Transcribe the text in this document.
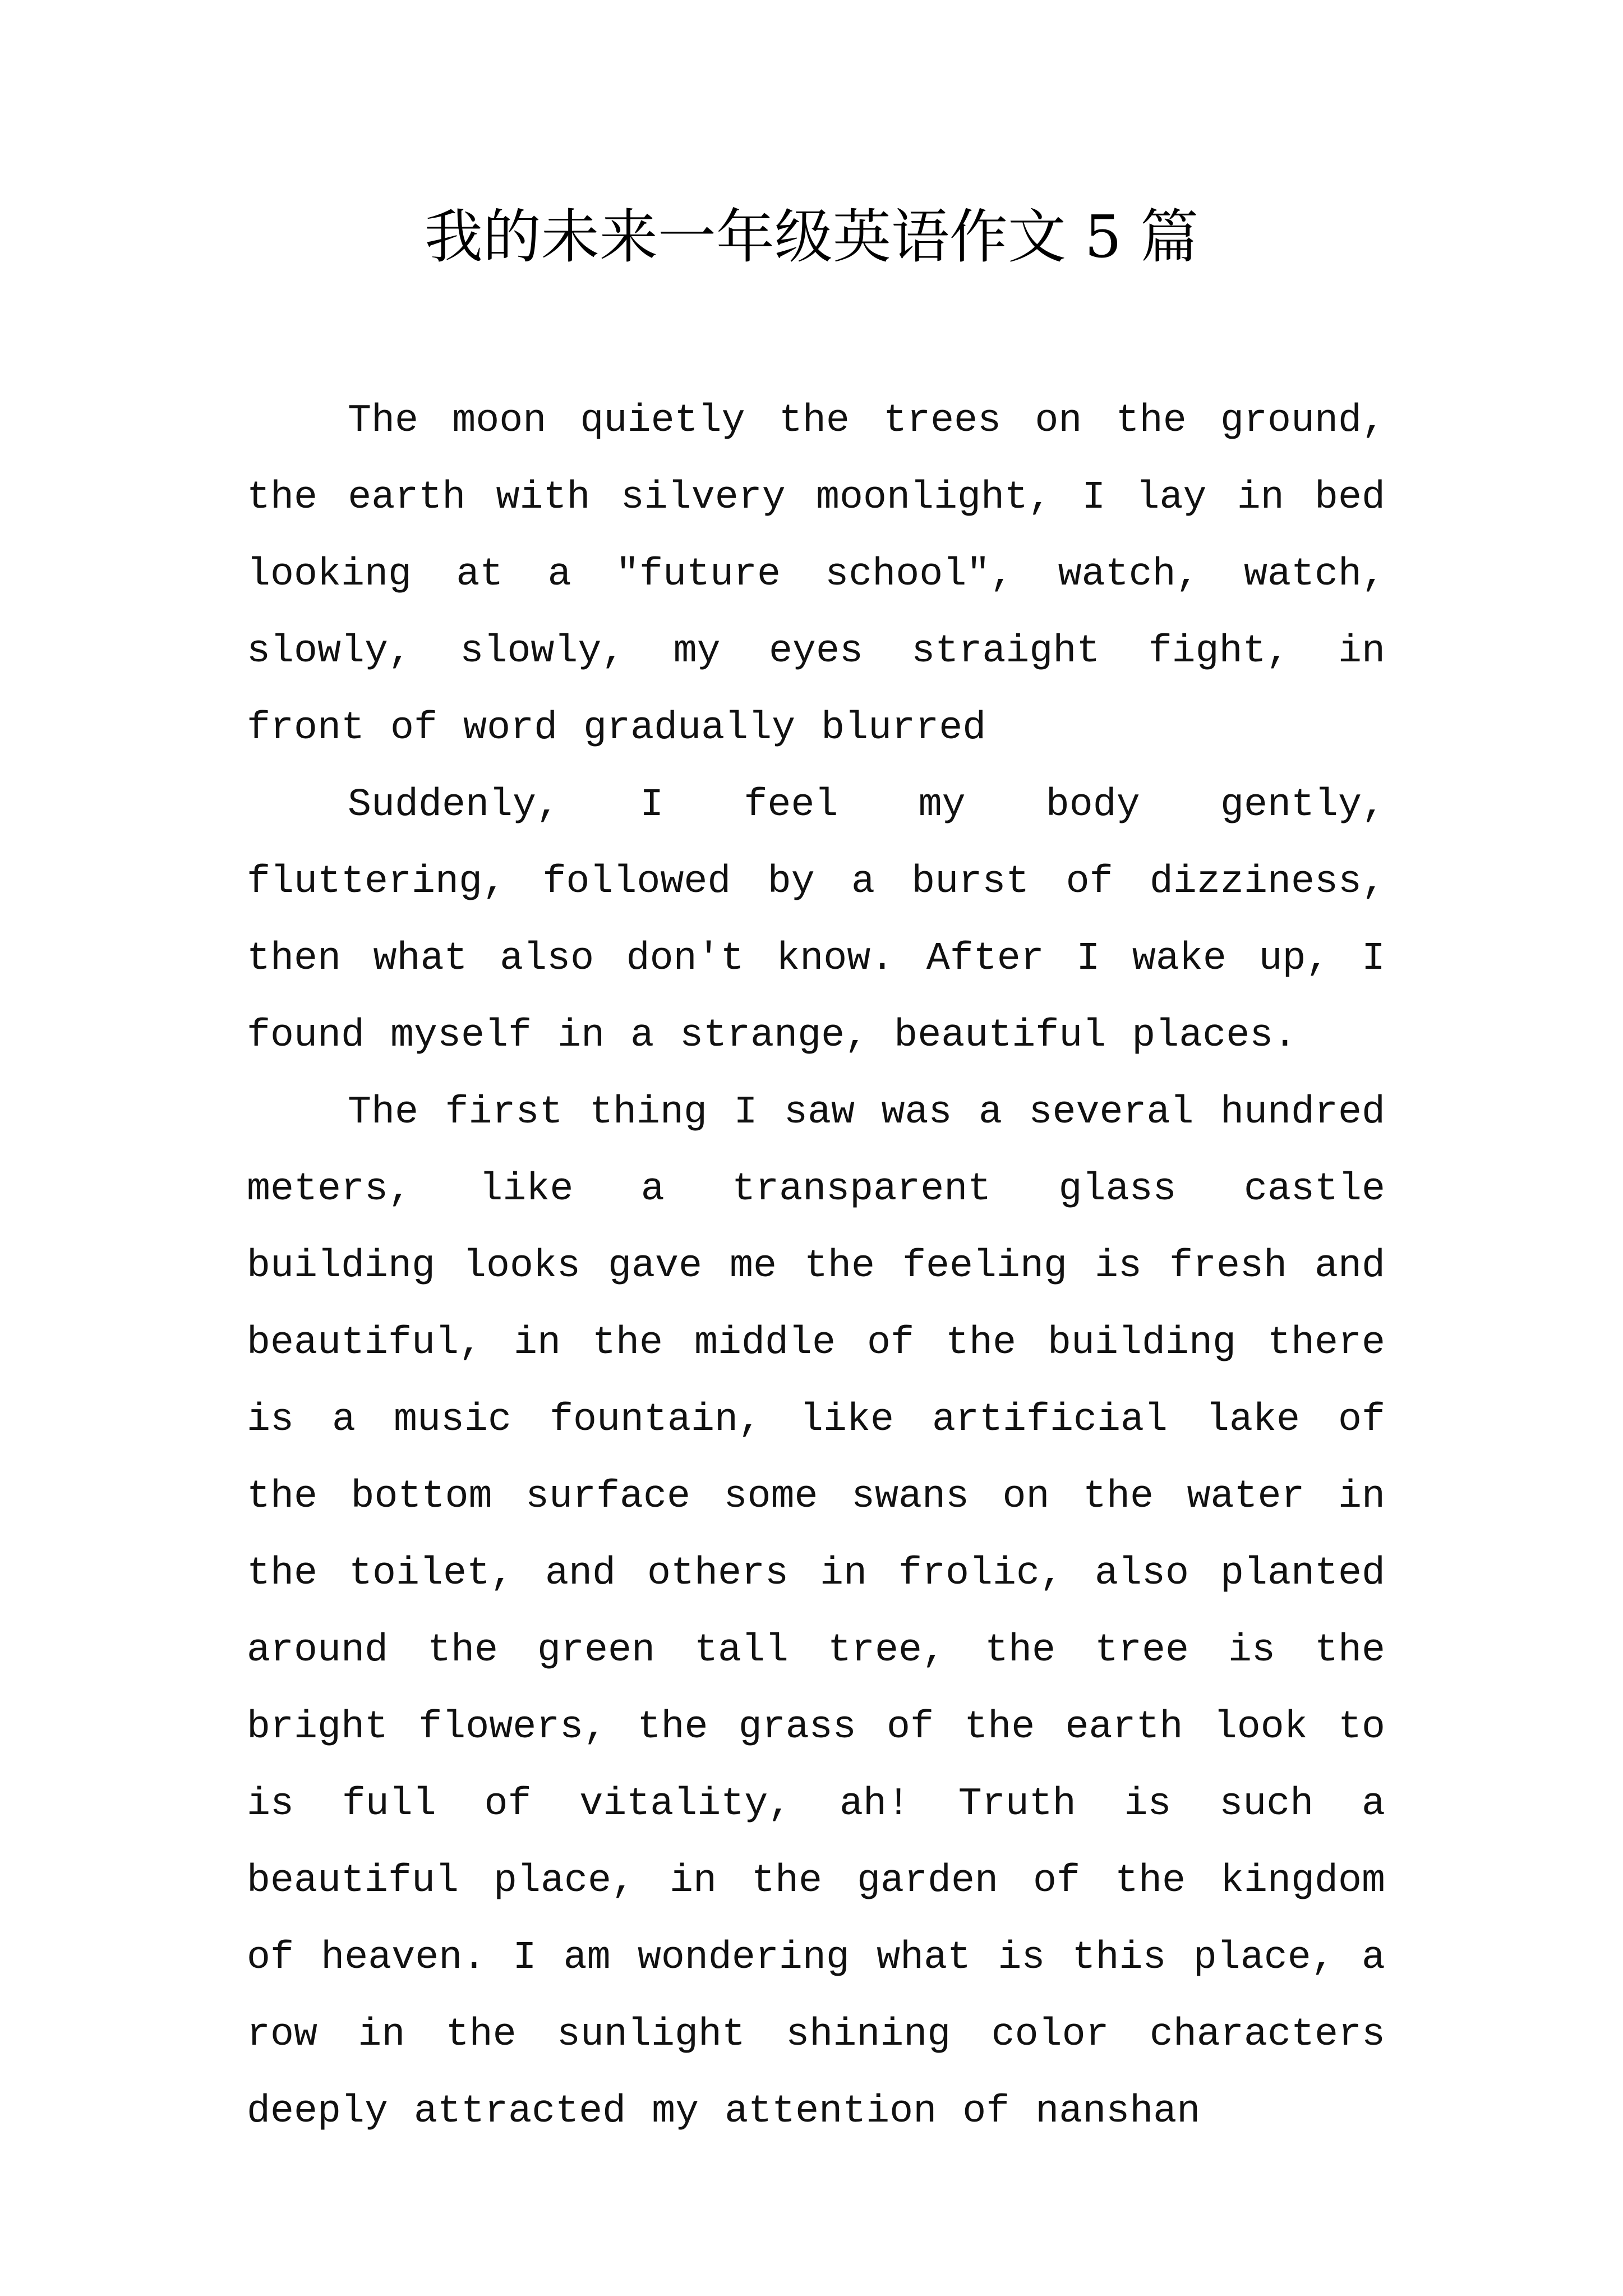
我的未来一年级英语作文 5 篇

The moon quietly the trees on the ground, the earth with silvery moonlight, I lay in bed looking at a "future school", watch, watch, slowly, slowly, my eyes straight fight, in front of word gradually blurred

Suddenly, I feel my body gently, fluttering, followed by a burst of dizziness, then what also don't know. After I wake up, I found myself in a strange, beautiful places.

The first thing I saw was a several hundred meters, like a transparent glass castle building looks gave me the feeling is fresh and beautiful, in the middle of the building there is a music fountain, like artificial lake of the bottom surface some swans on the water in the toilet, and others in frolic, also planted around the green tall tree, the tree is the bright flowers, the grass of the earth look to is full of vitality, ah! Truth is such a beautiful place, in the garden of the kingdom of heaven. I am wondering what is this place, a row in the sunlight shining color characters deeply attracted my attention of nanshan
